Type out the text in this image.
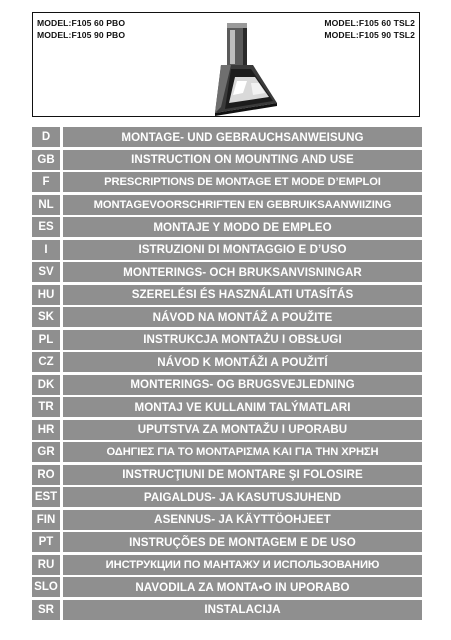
MODEL:F105 60 PBO
MODEL:F105 90 PBO
MODEL:F105 60 TSL2
MODEL:F105 90 TSL2
D	MONTAGE- UND GEBRAUCHSANWEISUNG
GB	INSTRUCTION ON MOUNTING AND USE
F	PRESCRIPTIONS DE MONTAGE ET MODE D’EMPLOI
NL	MONTAGEVOORSCHRIFTEN EN GEBRUIKSAANWIIZING
ES	MONTAJE Y MODO DE EMPLEO
I	ISTRUZIONI DI MONTAGGIO E D’USO
SV	MONTERINGS- OCH BRUKSANVISNINGAR
HU	SZERELÉSI ÉS HASZNÁLATI UTASÍTÁS
SK	NÁVOD NA MONTÁŽ A POUŽITE
PL	INSTRUKCJA MONTAŻU I OBSŁUGI
CZ	NÁVOD K MONTÁŽI A POUŽITÍ
DK	MONTERINGS- OG BRUGSVEJLEDNING
TR	MONTAJ VE KULLANIM TALÝMATLARI
HR	UPUTSTVA ZA MONTAŽU I UPORABU
GR	ΟΔΗΓΙΕΣ ΓΙΑ ΤΟ ΜΟΝΤΑΡΙΣΜΑ ΚΑΙ ΓΙΑ ΤΗΝ ΧΡΗΣΗ
RO	INSTRUCŢIUNI DE MONTARE ŞI FOLOSIRE
EST	PAIGALDUS- JA KASUTUSJUHEND
FIN	ASENNUS- JA KÄYTTÖOHJEET
PT	INSTRUÇÕES DE MONTAGEM E DE USO
RU	ИНСТРУКЦИИ ПО МАНТАЖУ И ИСПОЛЬЗОВАНИЮ
SLO	NAVODILA ZA MONTA•O IN UPORABO
SR	INSTALACIJA
